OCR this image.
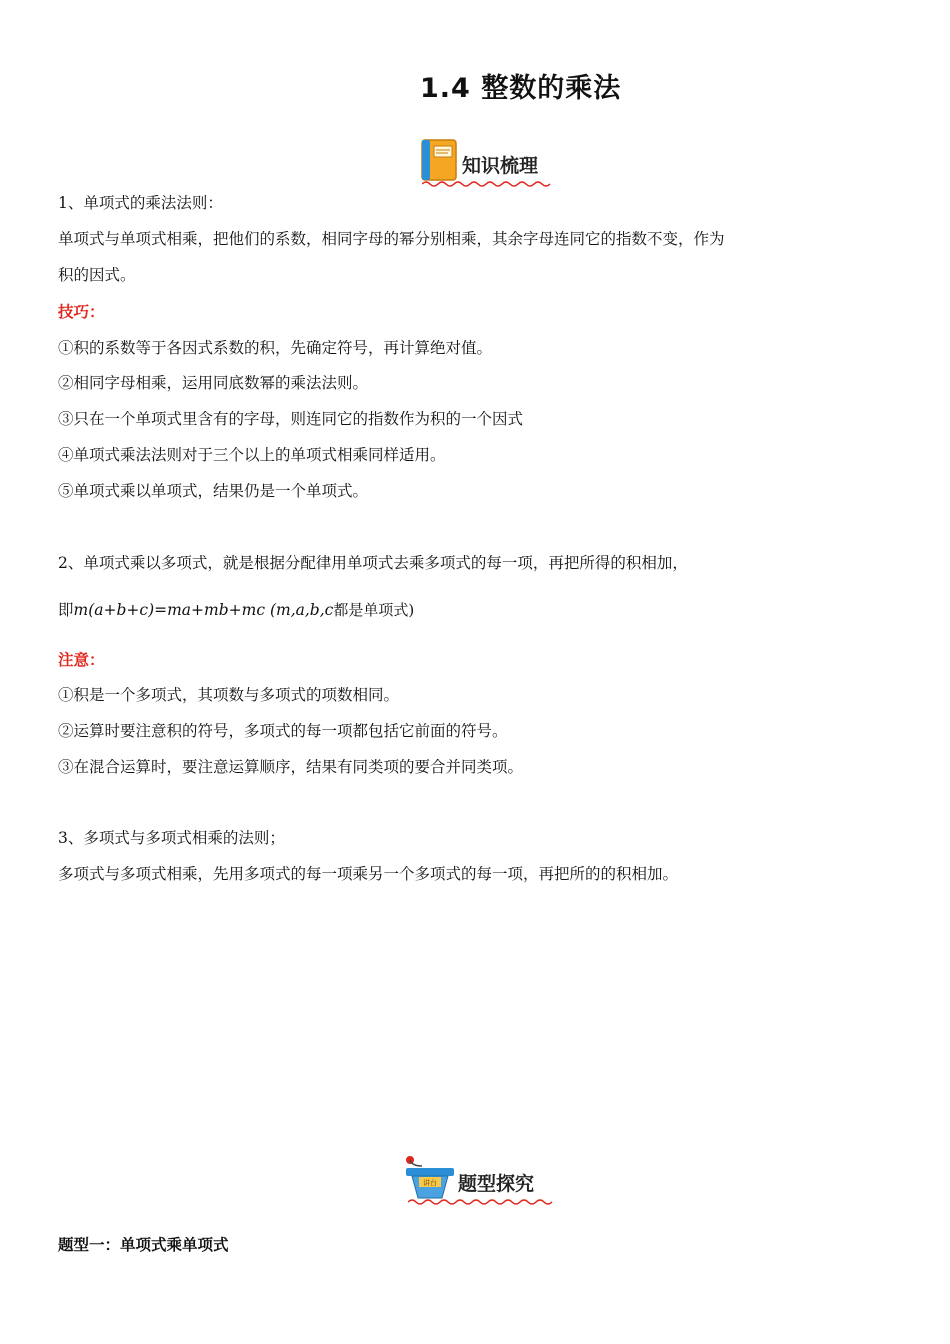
1.4 整数的乘法
知识梳理
1、单项式的乘法法则：
单项式与单项式相乘，把他们的系数，相同字母的幂分别相乘，其余字母连同它的指数不变，作为
积的因式。
技巧：
①积的系数等于各因式系数的积，先确定符号，再计算绝对值。
②相同字母相乘，运用同底数幂的乘法法则。
③只在一个单项式里含有的字母，则连同它的指数作为积的一个因式
④单项式乘法法则对于三个以上的单项式相乘同样适用。
⑤单项式乘以单项式，结果仍是一个单项式。
2、单项式乘以多项式，就是根据分配律用单项式去乘多项式的每一项，再把所得的积相加，
即m(a+b+c)=ma+mb+mc (m,a,b,c都是单项式)
注意：
①积是一个多项式，其项数与多项式的项数相同。
②运算时要注意积的符号，多项式的每一项都包括它前面的符号。
③在混合运算时，要注意运算顺序，结果有同类项的要合并同类项。
3、多项式与多项式相乘的法则；
多项式与多项式相乘，先用多项式的每一项乘另一个多项式的每一项，再把所的的积相加。
讲台 题型探究
题型一：单项式乘单项式
